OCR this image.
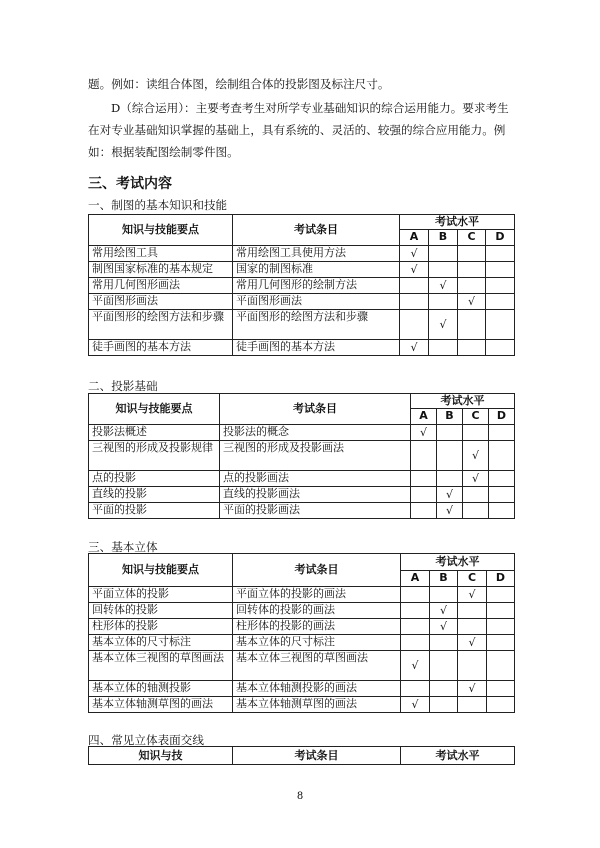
题。例如：读组合体图，绘制组合体的投影图及标注尺寸。

D（综合运用）：主要考查考生对所学专业基础知识的综合运用能力。要求考生在对专业基础知识掌握的基础上，具有系统的、灵活的、较强的综合应用能力。例如：根据装配图绘制零件图。

三、考试内容

一、制图的基本知识和技能

知识与技能要点	考试条目	考试水平			
		A	B	C	D
常用绘图工具	常用绘图工具使用方法	√			
制图国家标准的基本规定	国家的制图标准	√			
常用几何图形画法	常用几何图形的绘制方法		√		
平面图形画法	平面图形画法			√	
平面图形的绘图方法和步骤	平面图形的绘图方法和步骤		√		
徒手画图的基本方法	徒手画图的基本方法	√			

二、投影基础

知识与技能要点	考试条目	考试水平			
		A	B	C	D
投影法概述	投影法的概念	√			
三视图的形成及投影规律	三视图的形成及投影画法			√	
点的投影	点的投影画法			√	
直线的投影	直线的投影画法		√		
平面的投影	平面的投影画法		√		

三、基本立体

知识与技能要点	考试条目	考试水平			
		A	B	C	D
平面立体的投影	平面立体的投影的画法			√	
回转体的投影	回转体的投影的画法		√		
柱形体的投影	柱形体的投影的画法		√		
基本立体的尺寸标注	基本立体的尺寸标注			√	
基本立体三视图的草图画法	基本立体三视图的草图画法	√			
基本立体的轴测投影	基本立体轴测投影的画法			√	
基本立体轴测草图的画法	基本立体轴测草图的画法	√			

四、常见立体表面交线

知识与技	考试条目	考试水平
8
